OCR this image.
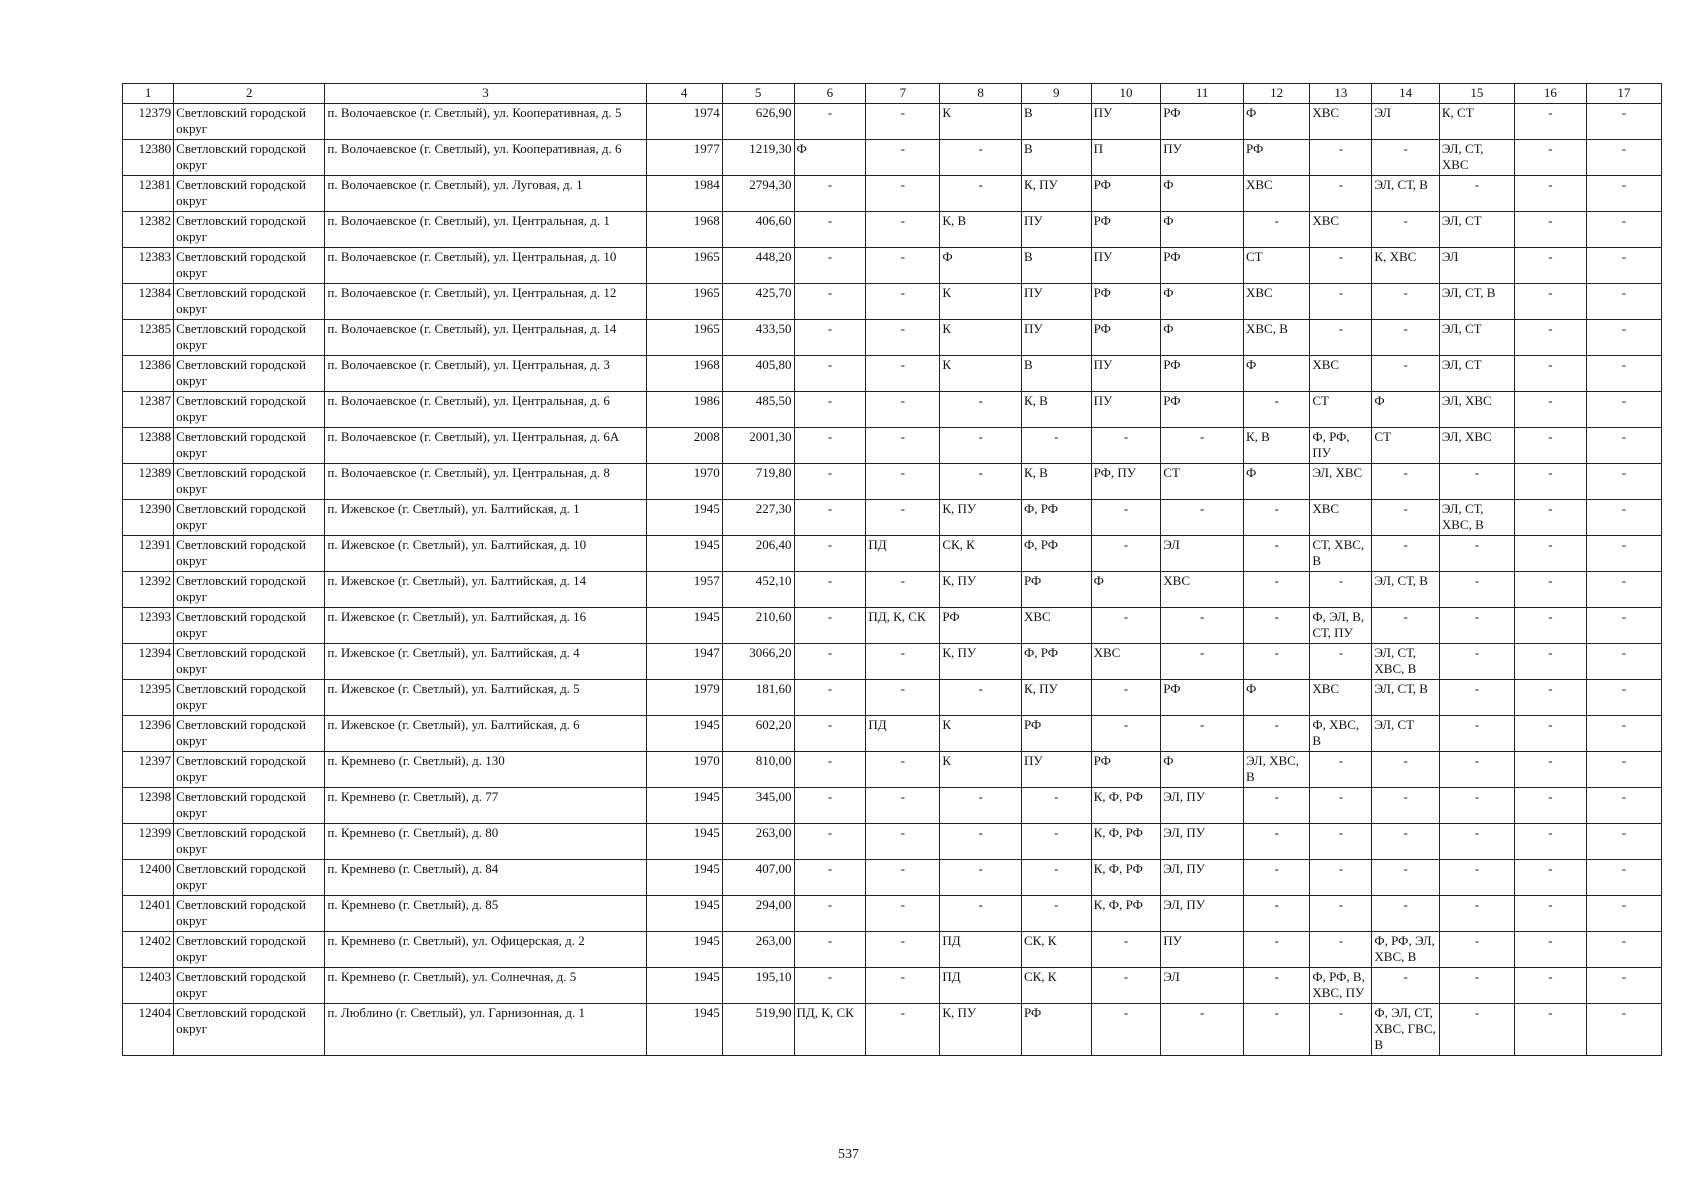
1	2	3	4	5	6	7	8	9	10	11	12	13	14	15	16	17
12379	Светловский городской округ	п. Волочаевское (г. Светлый), ул. Кооперативная, д. 5	1974	626,90	-	-	К	В	ПУ	РФ	Ф	ХВС	ЭЛ	К, СТ	-	-
12380	Светловский городской округ	п. Волочаевское (г. Светлый), ул. Кооперативная, д. 6	1977	1219,30	Ф	-	-	В	П	ПУ	РФ	-	-	ЭЛ, СТ, ХВС	-	-
12381	Светловский городской округ	п. Волочаевское (г. Светлый), ул. Луговая, д. 1	1984	2794,30	-	-	-	К, ПУ	РФ	Ф	ХВС	-	ЭЛ, СТ, В	-	-	-
12382	Светловский городской округ	п. Волочаевское (г. Светлый), ул. Центральная, д. 1	1968	406,60	-	-	К, В	ПУ	РФ	Ф	-	ХВС	-	ЭЛ, СТ	-	-
12383	Светловский городской округ	п. Волочаевское (г. Светлый), ул. Центральная, д. 10	1965	448,20	-	-	Ф	В	ПУ	РФ	СТ	-	К, ХВС	ЭЛ	-	-
12384	Светловский городской округ	п. Волочаевское (г. Светлый), ул. Центральная, д. 12	1965	425,70	-	-	К	ПУ	РФ	Ф	ХВС	-	-	ЭЛ, СТ, В	-	-
12385	Светловский городской округ	п. Волочаевское (г. Светлый), ул. Центральная, д. 14	1965	433,50	-	-	К	ПУ	РФ	Ф	ХВС, В	-	-	ЭЛ, СТ	-	-
12386	Светловский городской округ	п. Волочаевское (г. Светлый), ул. Центральная, д. 3	1968	405,80	-	-	К	В	ПУ	РФ	Ф	ХВС	-	ЭЛ, СТ	-	-
12387	Светловский городской округ	п. Волочаевское (г. Светлый), ул. Центральная, д. 6	1986	485,50	-	-	-	К, В	ПУ	РФ	-	СТ	Ф	ЭЛ, ХВС	-	-
12388	Светловский городской округ	п. Волочаевское (г. Светлый), ул. Центральная, д. 6А	2008	2001,30	-	-	-	-	-	-	К, В	Ф, РФ, ПУ	СТ	ЭЛ, ХВС	-	-
12389	Светловский городской округ	п. Волочаевское (г. Светлый), ул. Центральная, д. 8	1970	719,80	-	-	-	К, В	РФ, ПУ	СТ	Ф	ЭЛ, ХВС	-	-	-	-
12390	Светловский городской округ	п. Ижевское (г. Светлый), ул. Балтийская, д. 1	1945	227,30	-	-	К, ПУ	Ф, РФ	-	-	-	ХВС	-	ЭЛ, СТ, ХВС, В	-	-
12391	Светловский городской округ	п. Ижевское (г. Светлый), ул. Балтийская, д. 10	1945	206,40	-	ПД	СК, К	Ф, РФ	-	ЭЛ	-	СТ, ХВС, В	-	-	-	-
12392	Светловский городской округ	п. Ижевское (г. Светлый), ул. Балтийская, д. 14	1957	452,10	-	-	К, ПУ	РФ	Ф	ХВС	-	-	ЭЛ, СТ, В	-	-	-
12393	Светловский городской округ	п. Ижевское (г. Светлый), ул. Балтийская, д. 16	1945	210,60	-	ПД, К, СК	РФ	ХВС	-	-	-	Ф, ЭЛ, В, СТ, ПУ	-	-	-	-
12394	Светловский городской округ	п. Ижевское (г. Светлый), ул. Балтийская, д. 4	1947	3066,20	-	-	К, ПУ	Ф, РФ	ХВС	-	-	-	ЭЛ, СТ, ХВС, В	-	-	-
12395	Светловский городской округ	п. Ижевское (г. Светлый), ул. Балтийская, д. 5	1979	181,60	-	-	-	К, ПУ	-	РФ	Ф	ХВС	ЭЛ, СТ, В	-	-	-
12396	Светловский городской округ	п. Ижевское (г. Светлый), ул. Балтийская, д. 6	1945	602,20	-	ПД	К	РФ	-	-	-	Ф, ХВС, В	ЭЛ, СТ	-	-	-
12397	Светловский городской округ	п. Кремнево (г. Светлый), д. 130	1970	810,00	-	-	К	ПУ	РФ	Ф	ЭЛ, ХВС, В	-	-	-	-	-
12398	Светловский городской округ	п. Кремнево (г. Светлый), д. 77	1945	345,00	-	-	-	-	К, Ф, РФ	ЭЛ, ПУ	-	-	-	-	-	-
12399	Светловский городской округ	п. Кремнево (г. Светлый), д. 80	1945	263,00	-	-	-	-	К, Ф, РФ	ЭЛ, ПУ	-	-	-	-	-	-
12400	Светловский городской округ	п. Кремнево (г. Светлый), д. 84	1945	407,00	-	-	-	-	К, Ф, РФ	ЭЛ, ПУ	-	-	-	-	-	-
12401	Светловский городской округ	п. Кремнево (г. Светлый), д. 85	1945	294,00	-	-	-	-	К, Ф, РФ	ЭЛ, ПУ	-	-	-	-	-	-
12402	Светловский городской округ	п. Кремнево (г. Светлый), ул. Офицерская, д. 2	1945	263,00	-	-	ПД	СК, К	-	ПУ	-	-	Ф, РФ, ЭЛ, ХВС, В	-	-	-
12403	Светловский городской округ	п. Кремнево (г. Светлый), ул. Солнечная, д. 5	1945	195,10	-	-	ПД	СК, К	-	ЭЛ	-	Ф, РФ, В, ХВС, ПУ	-	-	-	-
12404	Светловский городской округ	п. Люблино (г. Светлый), ул. Гарнизонная, д. 1	1945	519,90	ПД, К, СК	-	К, ПУ	РФ	-	-	-	-	Ф, ЭЛ, СТ, ХВС, ГВС, В	-	-	-
537
